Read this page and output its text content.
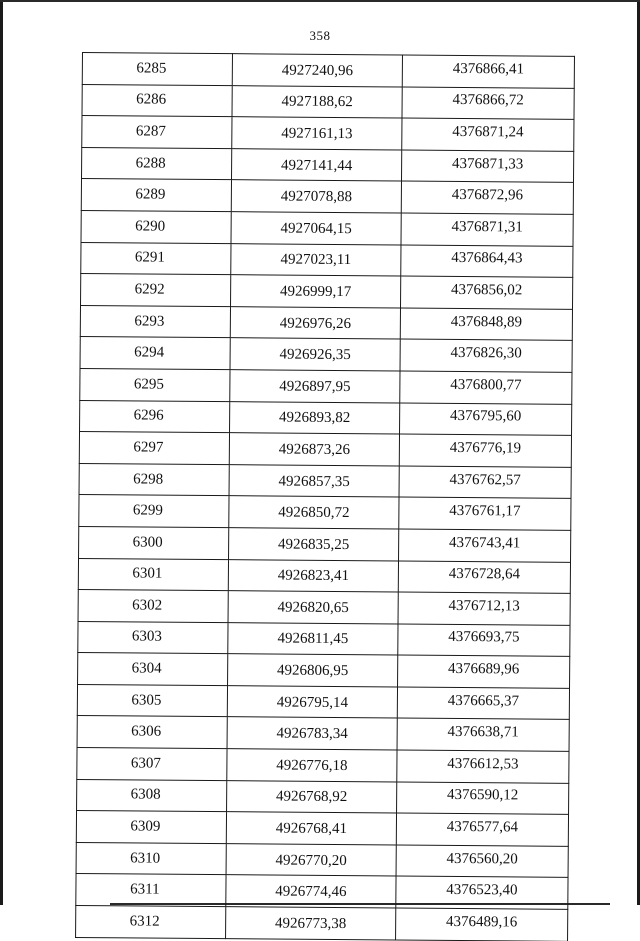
358
6285	4927240,96	4376866,41
6286	4927188,62	4376866,72
6287	4927161,13	4376871,24
6288	4927141,44	4376871,33
6289	4927078,88	4376872,96
6290	4927064,15	4376871,31
6291	4927023,11	4376864,43
6292	4926999,17	4376856,02
6293	4926976,26	4376848,89
6294	4926926,35	4376826,30
6295	4926897,95	4376800,77
6296	4926893,82	4376795,60
6297	4926873,26	4376776,19
6298	4926857,35	4376762,57
6299	4926850,72	4376761,17
6300	4926835,25	4376743,41
6301	4926823,41	4376728,64
6302	4926820,65	4376712,13
6303	4926811,45	4376693,75
6304	4926806,95	4376689,96
6305	4926795,14	4376665,37
6306	4926783,34	4376638,71
6307	4926776,18	4376612,53
6308	4926768,92	4376590,12
6309	4926768,41	4376577,64
6310	4926770,20	4376560,20
6311	4926774,46	4376523,40
6312	4926773,38	4376489,16
